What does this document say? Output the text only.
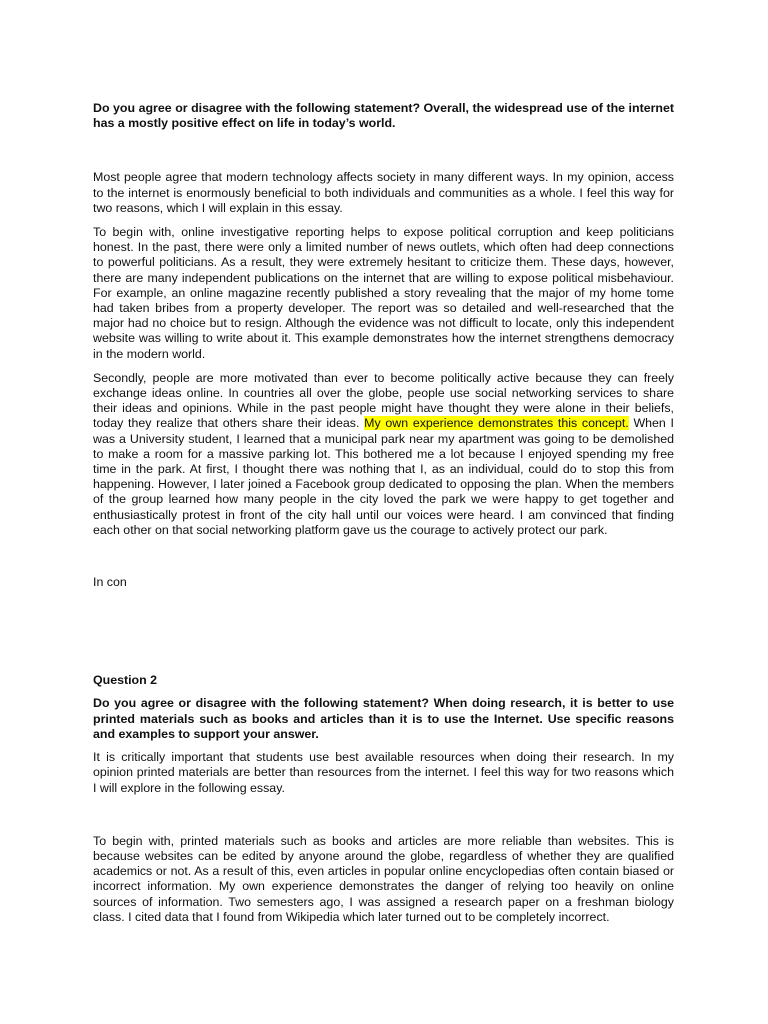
Do you agree or disagree with the following statement? Overall, the widespread use of the internet has a mostly positive effect on life in today’s world.

Most people agree that modern technology affects society in many different ways. In my opinion, access to the internet is enormously beneficial to both individuals and communities as a whole. I feel this way for two reasons, which I will explain in this essay.

To begin with, online investigative reporting helps to expose political corruption and keep politicians honest. In the past, there were only a limited number of news outlets, which often had deep connections to powerful politicians. As a result, they were extremely hesitant to criticize them. These days, however, there are many independent publications on the internet that are willing to expose political misbehaviour. For example, an online magazine recently published a story revealing that the major of my home tome had taken bribes from a property developer. The report was so detailed and well-researched that the major had no choice but to resign. Although the evidence was not difficult to locate, only this independent website was willing to write about it. This example demonstrates how the internet strengthens democracy in the modern world.

Secondly, people are more motivated than ever to become politically active because they can freely exchange ideas online. In countries all over the globe, people use social networking services to share their ideas and opinions. While in the past people might have thought they were alone in their beliefs, today they realize that others share their ideas. My own experience demonstrates this concept. When I was a University student, I learned that a municipal park near my apartment was going to be demolished to make a room for a massive parking lot. This bothered me a lot because I enjoyed spending my free time in the park. At first, I thought there was nothing that I, as an individual, could do to stop this from happening. However, I later joined a Facebook group dedicated to opposing the plan. When the members of the group learned how many people in the city loved the park we were happy to get together and enthusiastically protest in front of the city hall until our voices were heard. I am convinced that finding each other on that social networking platform gave us the courage to actively protect our park.

In con

Question 2

Do you agree or disagree with the following statement? When doing research, it is better to use printed materials such as books and articles than it is to use the Internet. Use specific reasons and examples to support your answer.

It is critically important that students use best available resources when doing their research. In my opinion printed materials are better than resources from the internet. I feel this way for two reasons which I will explore in the following essay.

To begin with, printed materials such as books and articles are more reliable than websites. This is because websites can be edited by anyone around the globe, regardless of whether they are qualified academics or not. As a result of this, even articles in popular online encyclopedias often contain biased or incorrect information. My own experience demonstrates the danger of relying too heavily on online sources of information. Two semesters ago, I was assigned a research paper on a freshman biology class. I cited data that I found from Wikipedia which later turned out to be completely incorrect.
